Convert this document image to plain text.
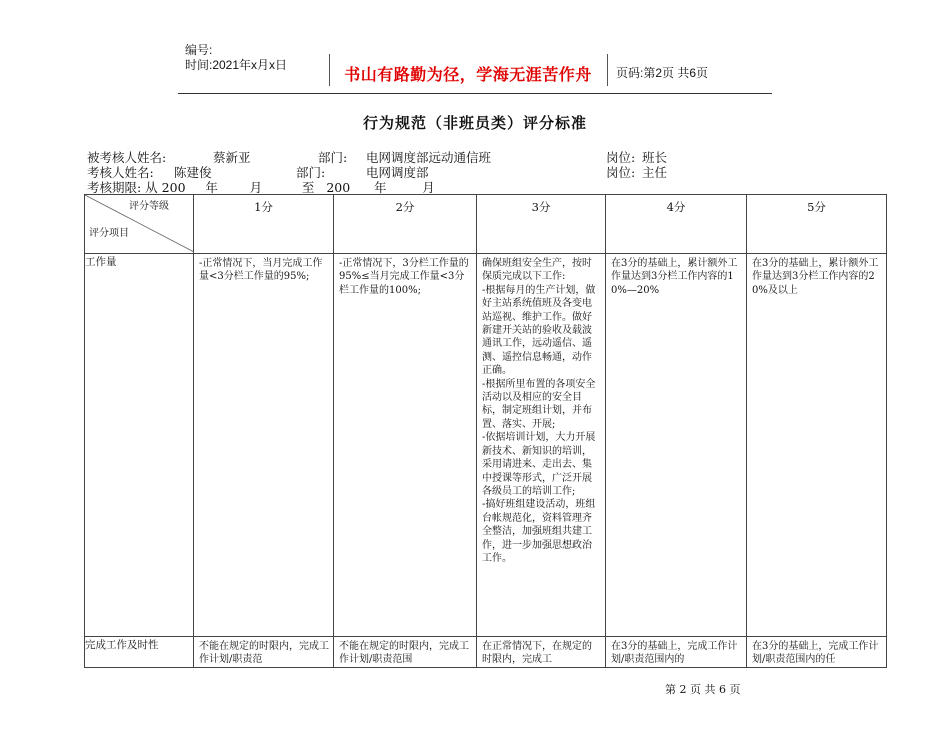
编号:
时间:2021年x月x日	书山有路勤为径，学海无涯苦作舟	页码:第2页 共6页
行为规范（非班员类）评分标准
被考核人姓名:	蔡新亚	部门: 电网调度部远动通信班	岗位: 班长
考核人姓名: 陈建俊	部门:	电网调度部	岗位: 主任
考核期限: 从 200     年        月          至   200      年         月
评分等级
评分项目	1分	2分	3分	4分	5分
工作量	-正常情况下，当月完成工作量<3分栏工作量的95%;	-正常情况下，3分栏工作量的95%≤当月完成工作量<3分栏工作量的100%;	确保班组安全生产，按时保质完成以下工作:

-根据每月的生产计划，做好主站系统值班及各变电站巡视、维护工作。做好新建开关站的验收及载波通讯工作，远动遥信、遥测、遥控信息畅通，动作正确。

-根据所里布置的各项安全活动以及相应的安全目标，制定班组计划，并布置、落实、开展;

-依据培训计划，大力开展新技术、新知识的培训，采用请进来、走出去、集中授课等形式，广泛开展各级员工的培训工作;

-搞好班组建设活动，班组台帐规范化，资料管理齐全整洁，加强班组共建工作，进一步加强思想政治工作。	在3分的基础上，累计额外工作量达到3分栏工作内容的10%—20%	在3分的基础上，累计额外工作量达到3分栏工作内容的20%及以上

完成工作及时性	不能在规定的时限内，完成工作计划/职责范	不能在规定的时限内，完成工作计划/职责范围	在正常情况下，在规定的时限内，完成工	在3分的基础上，完成工作计划/职责范围内的	在3分的基础上，完成工作计划/职责范围内的任
第 2 页 共 6 页
